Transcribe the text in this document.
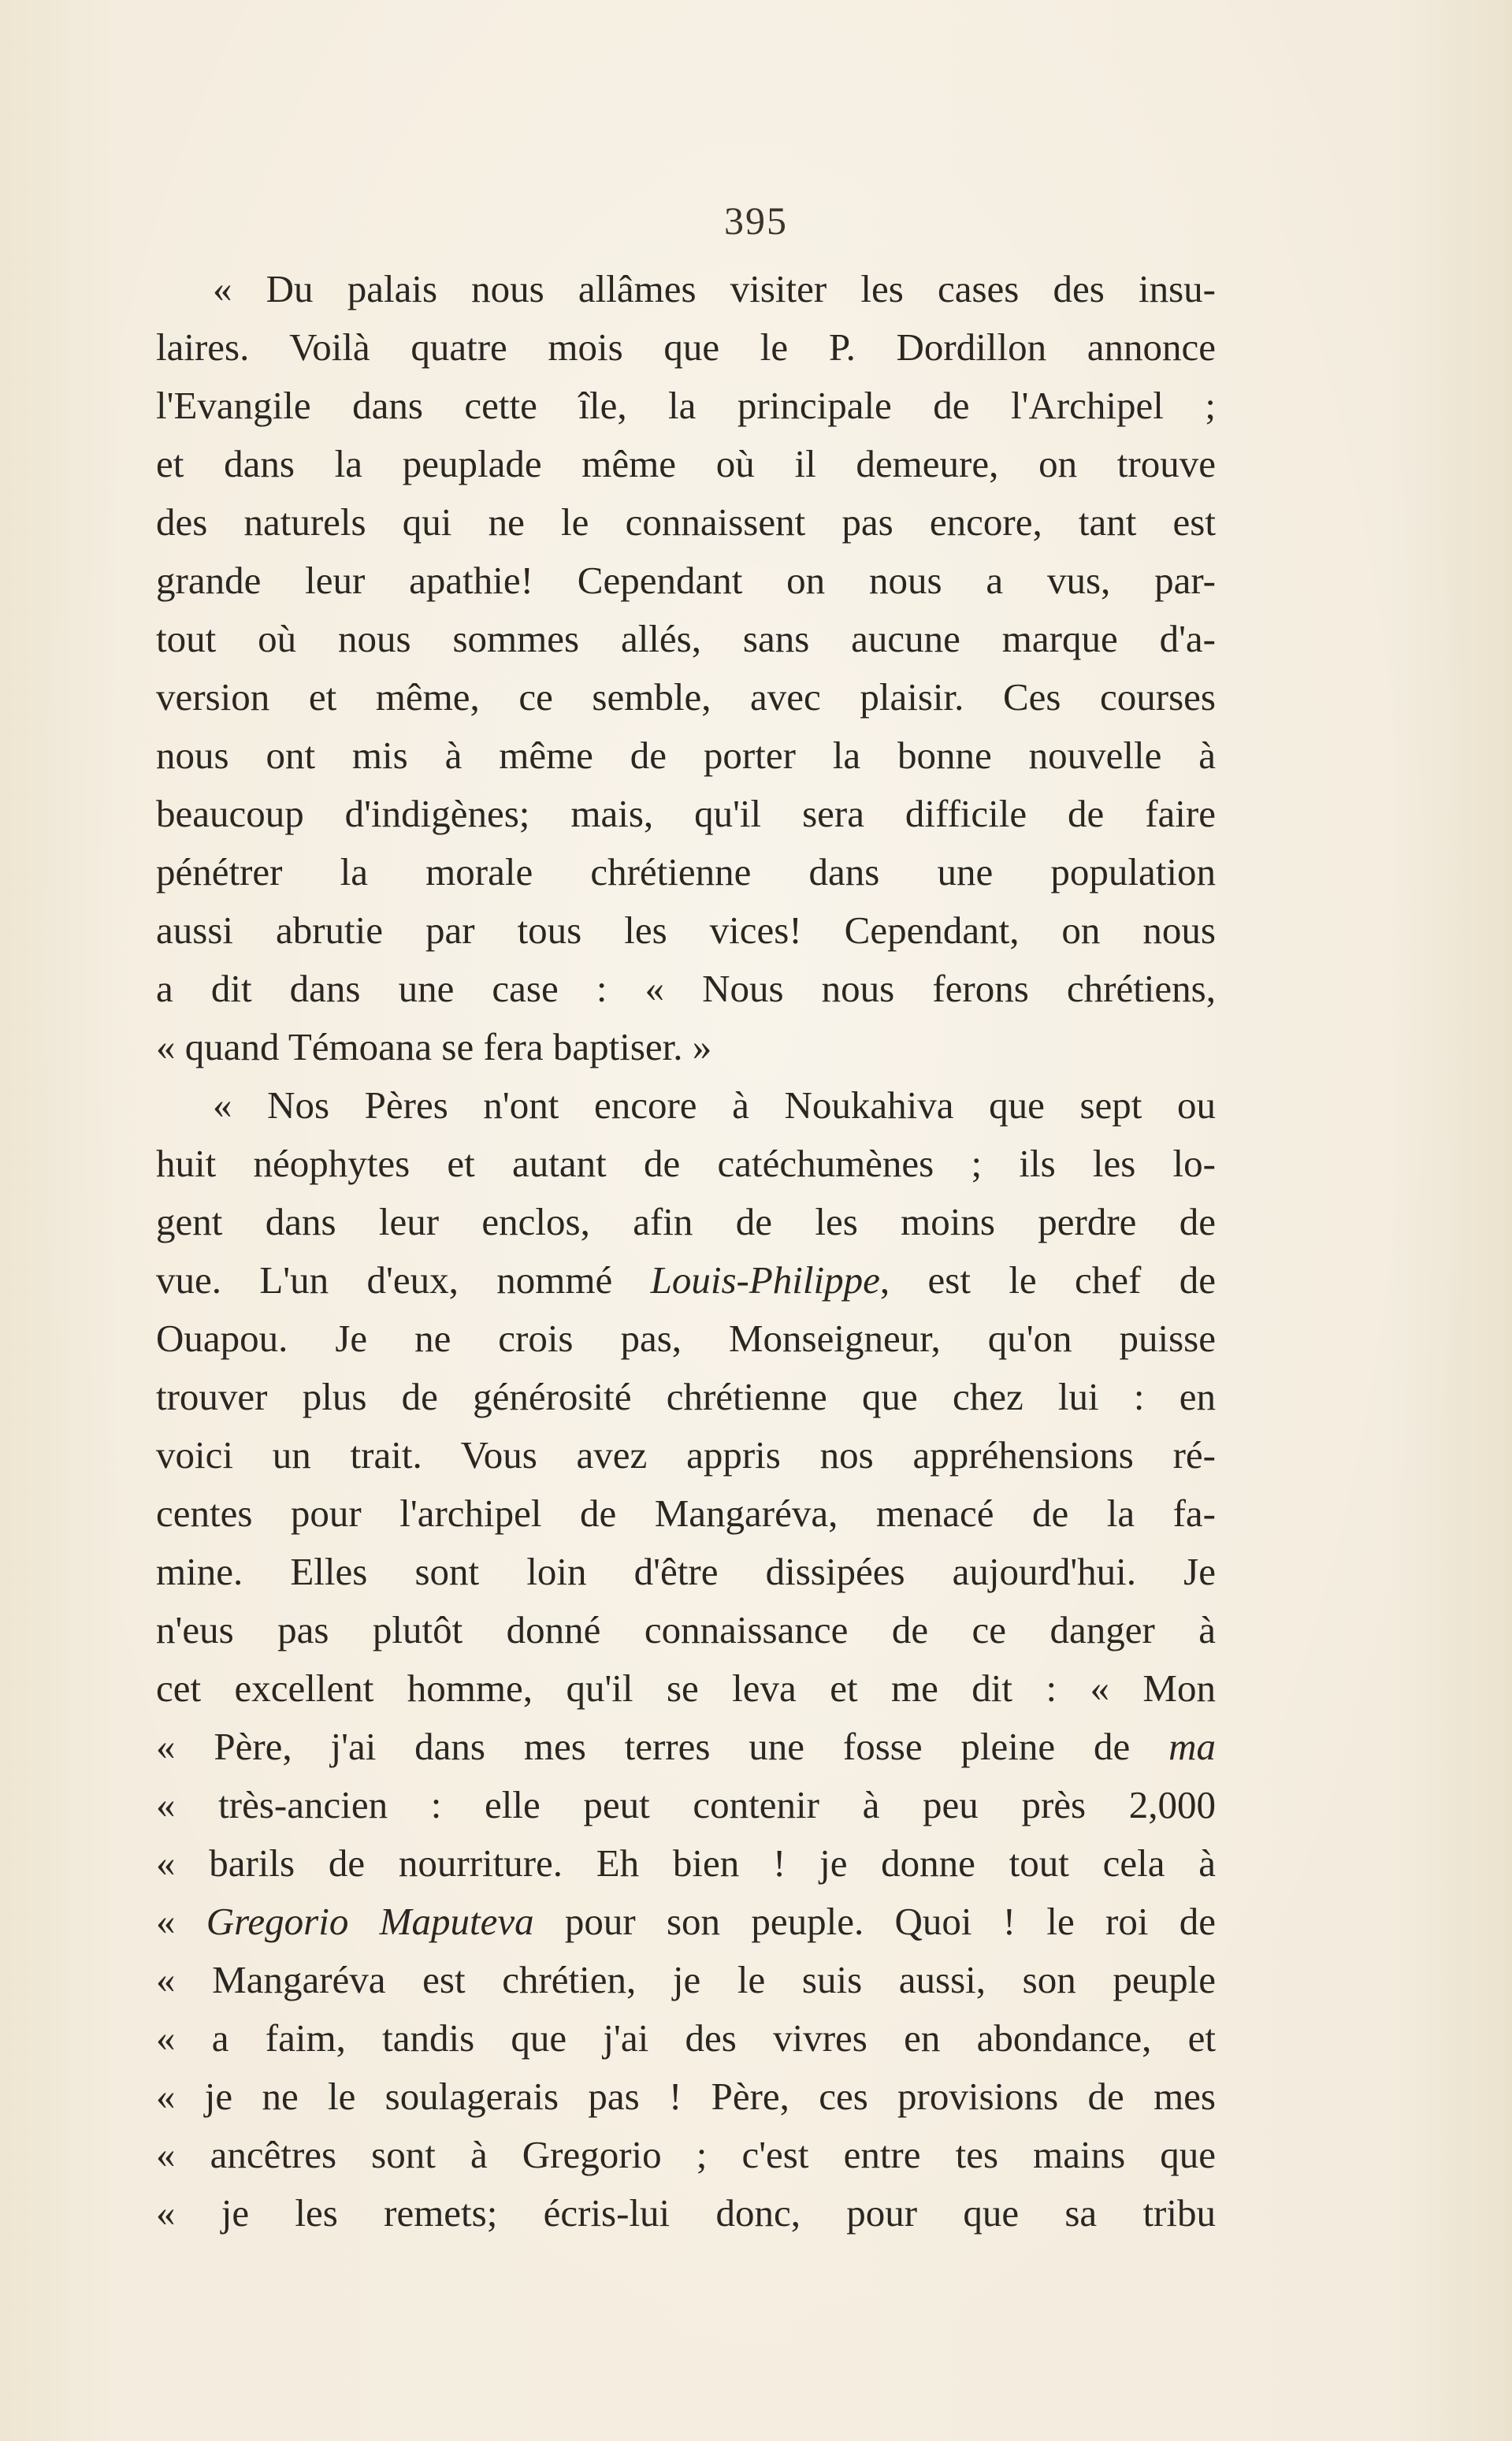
395
« Du palais nous allâmes visiter les cases des insu-
laires. Voilà quatre mois que le P. Dordillon annonce
l'Evangile dans cette île, la principale de l'Archipel ;
et dans la peuplade même où il demeure, on trouve
des naturels qui ne le connaissent pas encore, tant est
grande leur apathie! Cependant on nous a vus, par-
tout où nous sommes allés, sans aucune marque d'a-
version et même, ce semble, avec plaisir. Ces courses
nous ont mis à même de porter la bonne nouvelle à
beaucoup d'indigènes; mais, qu'il sera difficile de faire
pénétrer la morale chrétienne dans une population
aussi abrutie par tous les vices! Cependant, on nous
a dit dans une case : « Nous nous ferons chrétiens,
« quand Témoana se fera baptiser. »
« Nos Pères n'ont encore à Noukahiva que sept ou
huit néophytes et autant de catéchumènes ; ils les lo-
gent dans leur enclos, afin de les moins perdre de
vue. L'un d'eux, nommé Louis-Philippe, est le chef de
Ouapou. Je ne crois pas, Monseigneur, qu'on puisse
trouver plus de générosité chrétienne que chez lui : en
voici un trait. Vous avez appris nos appréhensions ré-
centes pour l'archipel de Mangaréva, menacé de la fa-
mine. Elles sont loin d'être dissipées aujourd'hui. Je
n'eus pas plutôt donné connaissance de ce danger à
cet excellent homme, qu'il se leva et me dit : « Mon
« Père, j'ai dans mes terres une fosse pleine de ma
« très-ancien : elle peut contenir à peu près 2,000
« barils de nourriture. Eh bien ! je donne tout cela à
« Gregorio Maputeva pour son peuple. Quoi ! le roi de
« Mangaréva est chrétien, je le suis aussi, son peuple
« a faim, tandis que j'ai des vivres en abondance, et
« je ne le soulagerais pas ! Père, ces provisions de mes
« ancêtres sont à Gregorio ; c'est entre tes mains que
« je les remets; écris-lui donc, pour que sa tribu
